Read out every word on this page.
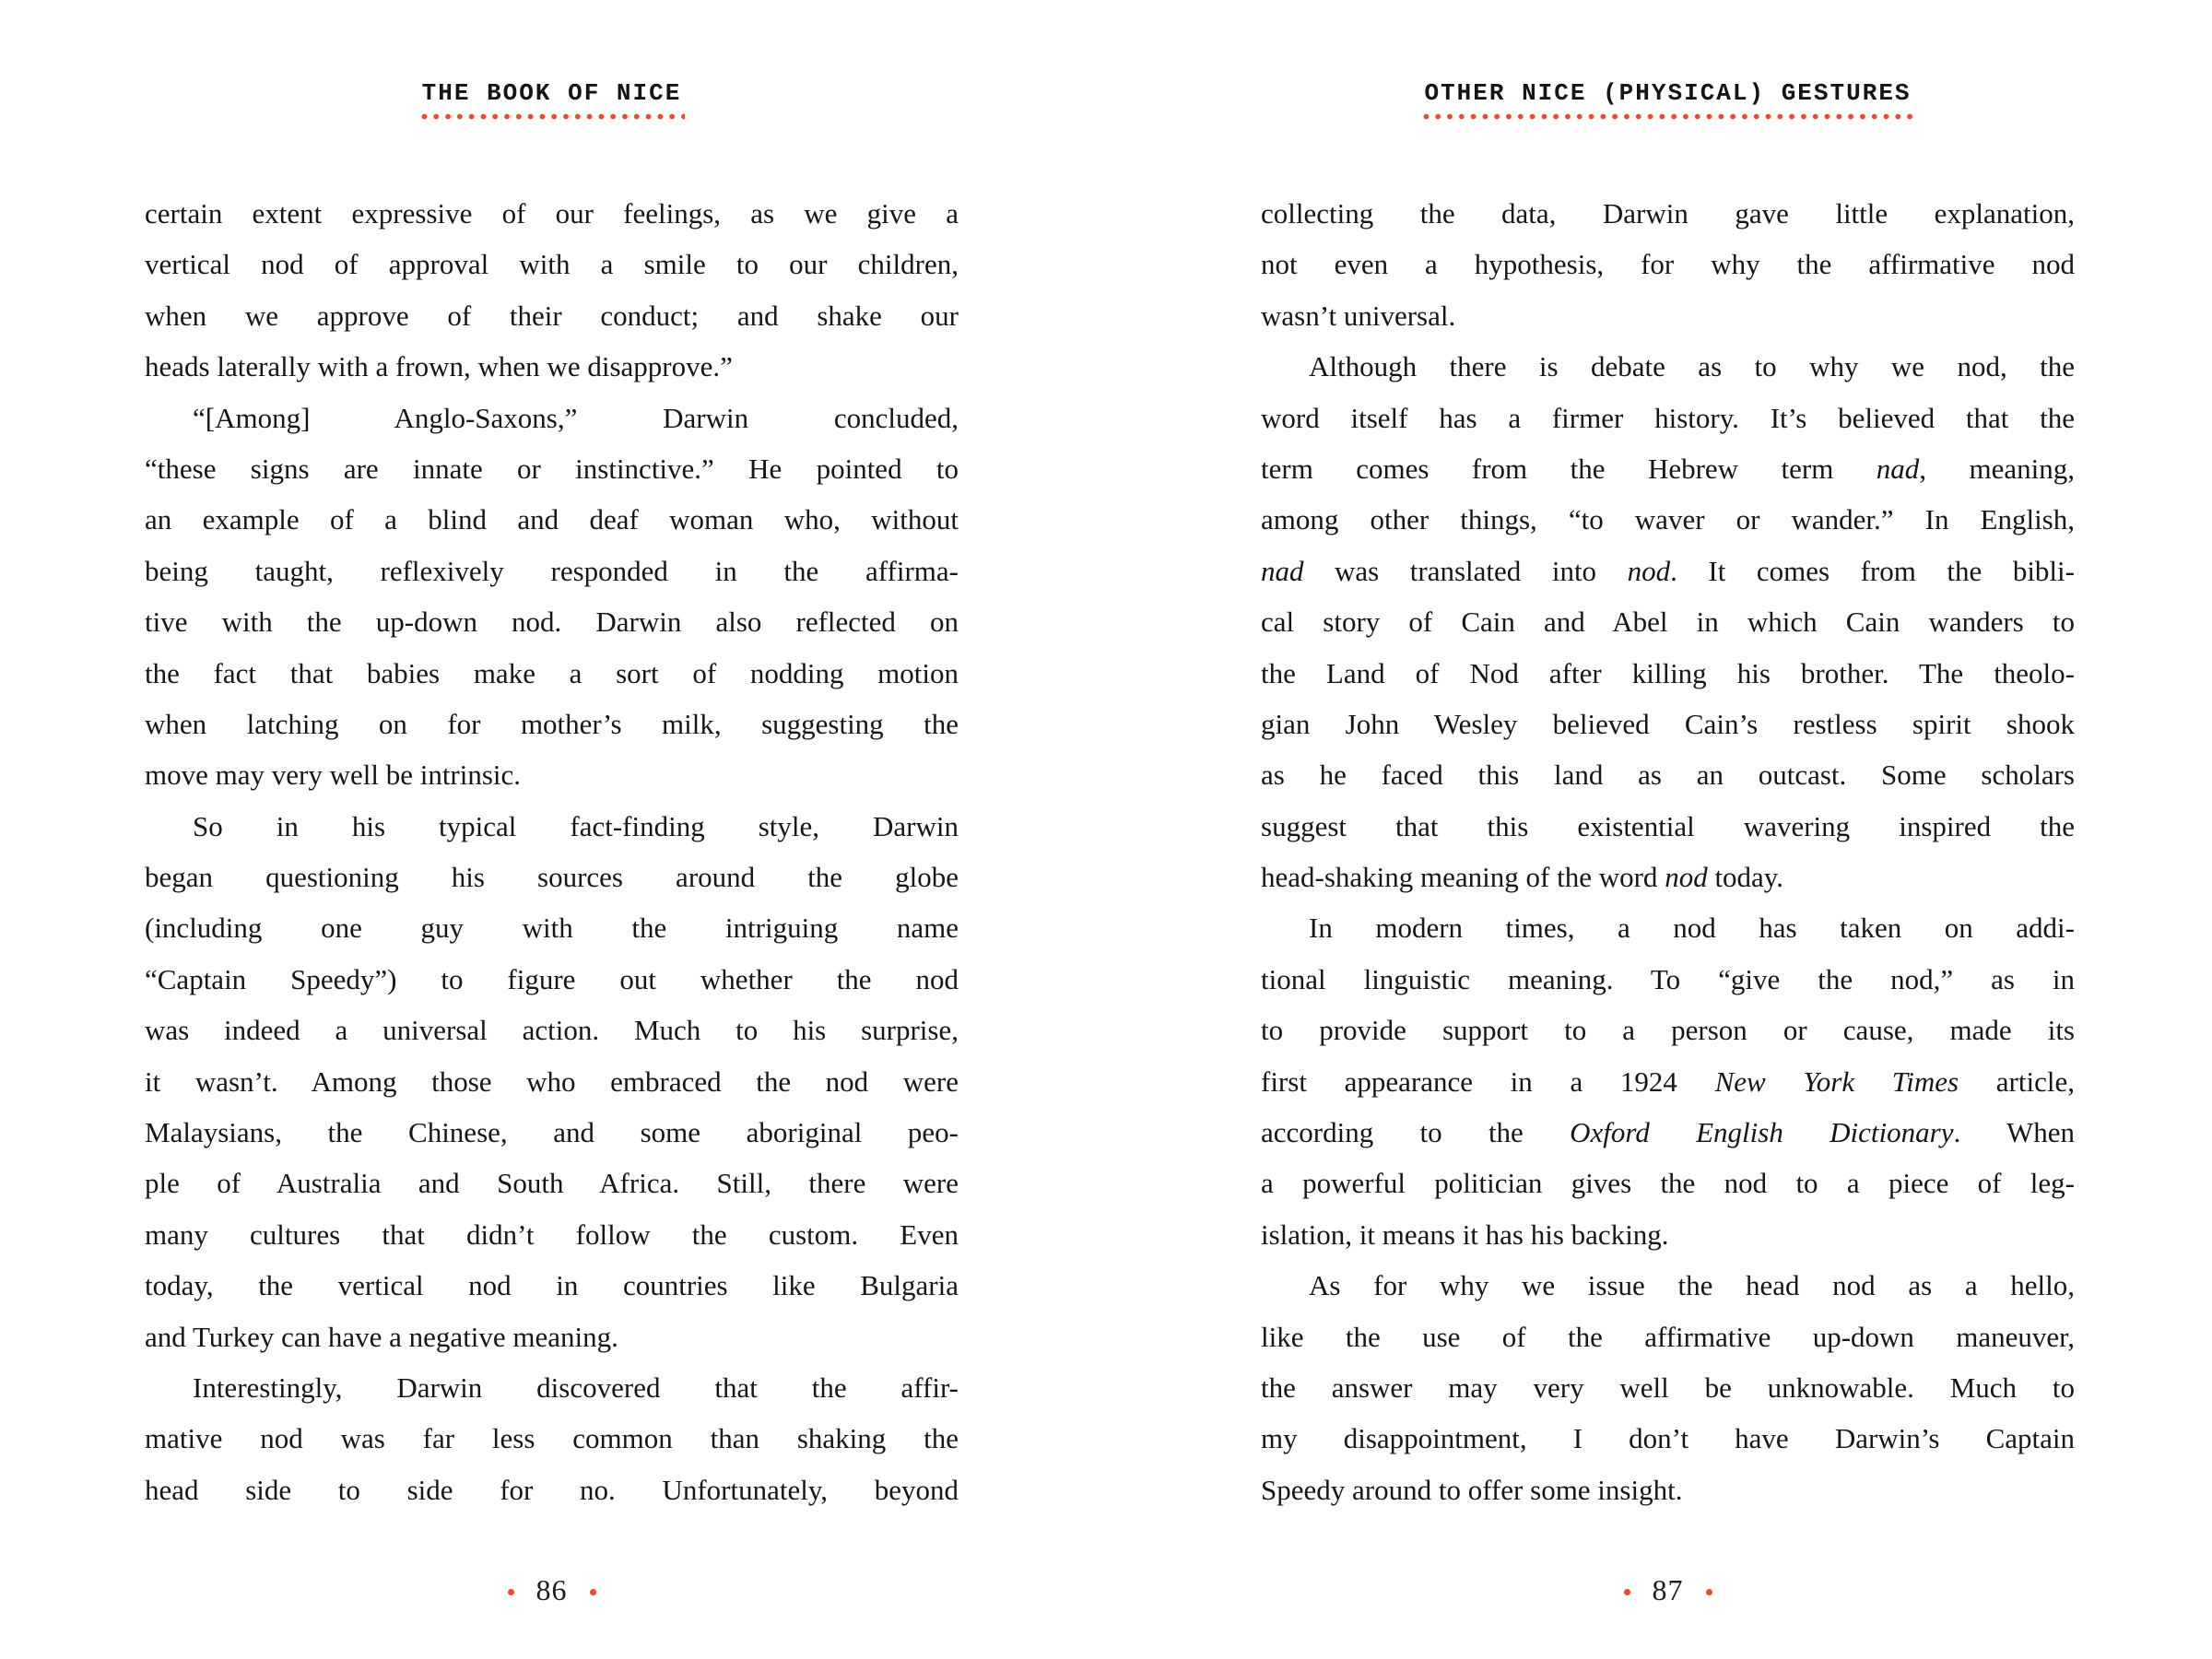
THE BOOK OF NICE
certain extent expressive of our feelings, as we give a
vertical nod of approval with a smile to our children,
when we approve of their conduct; and shake our
heads laterally with a frown, when we disapprove.”
“[Among] Anglo-Saxons,” Darwin concluded,
“these signs are innate or instinctive.” He pointed to
an example of a blind and deaf woman who, without
being taught, reflexively responded in the affirma-
tive with the up-down nod. Darwin also reflected on
the fact that babies make a sort of nodding motion
when latching on for mother’s milk, suggesting the
move may very well be intrinsic.
So in his typical fact-finding style, Darwin
began questioning his sources around the globe
(including one guy with the intriguing name
“Captain Speedy”) to figure out whether the nod
was indeed a universal action. Much to his surprise,
it wasn’t. Among those who embraced the nod were
Malaysians, the Chinese, and some aboriginal peo-
ple of Australia and South Africa. Still, there were
many cultures that didn’t follow the custom. Even
today, the vertical nod in countries like Bulgaria
and Turkey can have a negative meaning.
Interestingly, Darwin discovered that the affir-
mative nod was far less common than shaking the
head side to side for no. Unfortunately, beyond
86
OTHER NICE (PHYSICAL) GESTURES
collecting the data, Darwin gave little explanation,
not even a hypothesis, for why the affirmative nod
wasn’t universal.
Although there is debate as to why we nod, the
word itself has a firmer history. It’s believed that the
term comes from the Hebrew term nad, meaning,
among other things, “to waver or wander.” In English,
nad was translated into nod. It comes from the bibli-
cal story of Cain and Abel in which Cain wanders to
the Land of Nod after killing his brother. The theolo-
gian John Wesley believed Cain’s restless spirit shook
as he faced this land as an outcast. Some scholars
suggest that this existential wavering inspired the
head-shaking meaning of the word nod today.
In modern times, a nod has taken on addi-
tional linguistic meaning. To “give the nod,” as in
to provide support to a person or cause, made its
first appearance in a 1924 New York Times article,
according to the Oxford English Dictionary. When
a powerful politician gives the nod to a piece of leg-
islation, it means it has his backing.
As for why we issue the head nod as a hello,
like the use of the affirmative up-down maneuver,
the answer may very well be unknowable. Much to
my disappointment, I don’t have Darwin’s Captain
Speedy around to offer some insight.
87
